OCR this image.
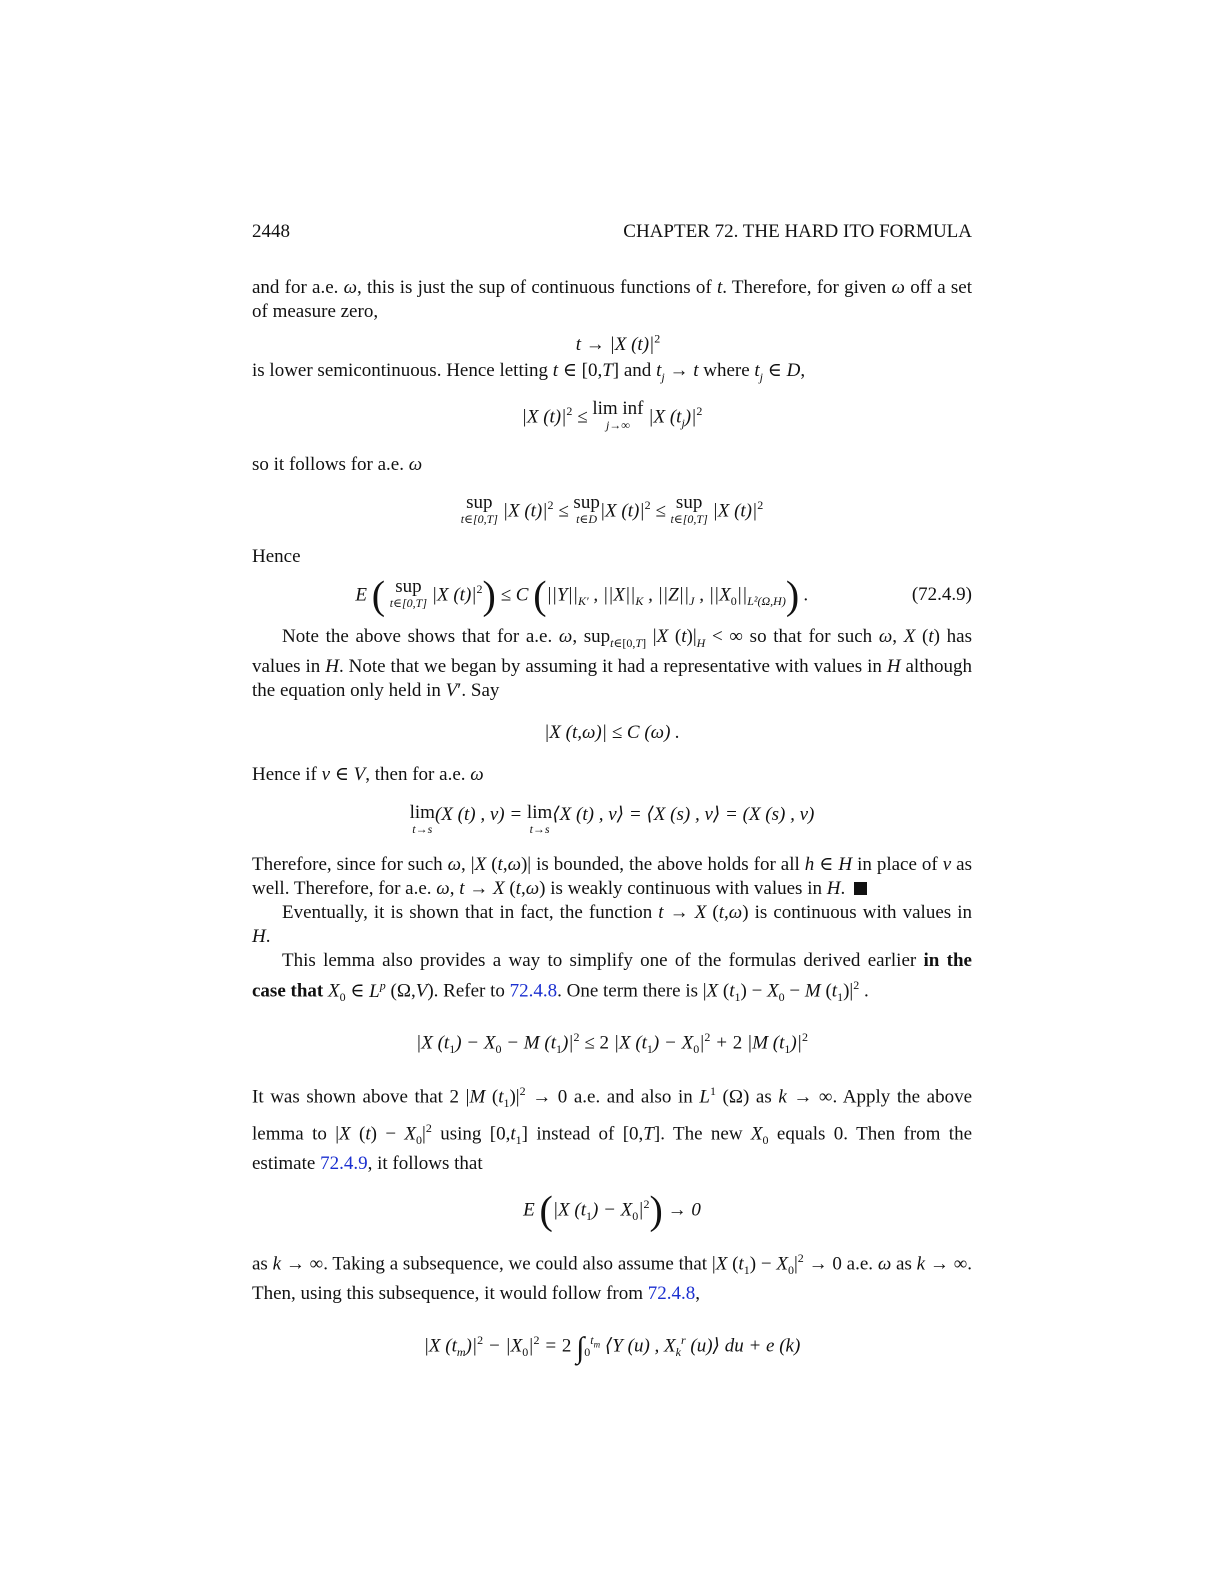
2448	CHAPTER 72. THE HARD ITO FORMULA

and for a.e. ω, this is just the sup of continuous functions of t. Therefore, for given ω off a set of measure zero,

t → |X $(t)|^2$

is lower semicontinuous. Hence letting t ∈ [0,T] and $t_j \to t$ where $t_j$ ∈ D,

|X $(t)|^2 \le \lim$ inf
j→∞ |X $(t_j)|^2$

so it follows for a.e. ω

sup
t∈[0,T] |X $(t)|^2$ ≤ sup
t∈D |X $(t)|^2$ ≤ sup
t∈[0,T] |X $(t)|^2$

Hence

E ( sup
t∈[0,T] |X $(t)|^2) \le C$ ($||Y||_{K'}$ , $||X||_K$ , $||Z||_J$ , $||X_0||_{L^2(\Omega,H)}$) .	(72.4.9)

Note the above shows that for a.e. ω, sup$_{t\in[0,T]}$ |X $(t)|_H$ < ∞ so that for such ω, X (t) has values in H. Note that we began by assuming it had a representative with values in H although the equation only held in V′. Say

|X (t,ω)| ≤ C (ω) .

Hence if v ∈ V, then for a.e. ω

lim
t→s
(X (t) , v) = lim
t→s
⟨X (t) , v⟩ = ⟨X (s) , v⟩ = (X (s) , v)

Therefore, since for such ω, |X (t,ω)| is bounded, the above holds for all h ∈ H in place of v as well. Therefore, for a.e. ω, t → X (t,ω) is weakly continuous with values in H.

Eventually, it is shown that in fact, the function t → X (t,ω) is continuous with values in H.

This lemma also provides a way to simplify one of the formulas derived earlier in the case that $X_0$ ∈ $L^p$ (Ω,V). Refer to 72.4.8. One term there is |X $(t_1) - X_0 - M$ $(t_1)|^2$ .

|X $(t_1) - X_0 - M$ $(t_1)|^2 \le 2$ |X $(t_1) - X_0|^2 + 2$ |M $(t_1)|^2$

It was shown above that 2 |M $(t_1)|^2 \to 0$ a.e. and also in $L^1$ (Ω) as k → ∞. Apply the above lemma to |X $(t) - X_0|^2$ using $[0,t_1]$ instead of [0,T]. The new $X_0$ equals 0. Then from the estimate 72.4.9, it follows that

E (|X $(t_1) - X_0|^2) \to 0$

as k → ∞. Taking a subsequence, we could also assume that |X $(t_1) - X_0|^2 \to 0$ a.e. ω as k → ∞. Then, using this subsequence, it would follow from 72.4.8,

|X $(t_m)|^2 - |X_0|^2 = 2$ $\int_0^{t_m}$ ⟨Y (u) , $X_k^r$ (u)⟩ du + e (k)
